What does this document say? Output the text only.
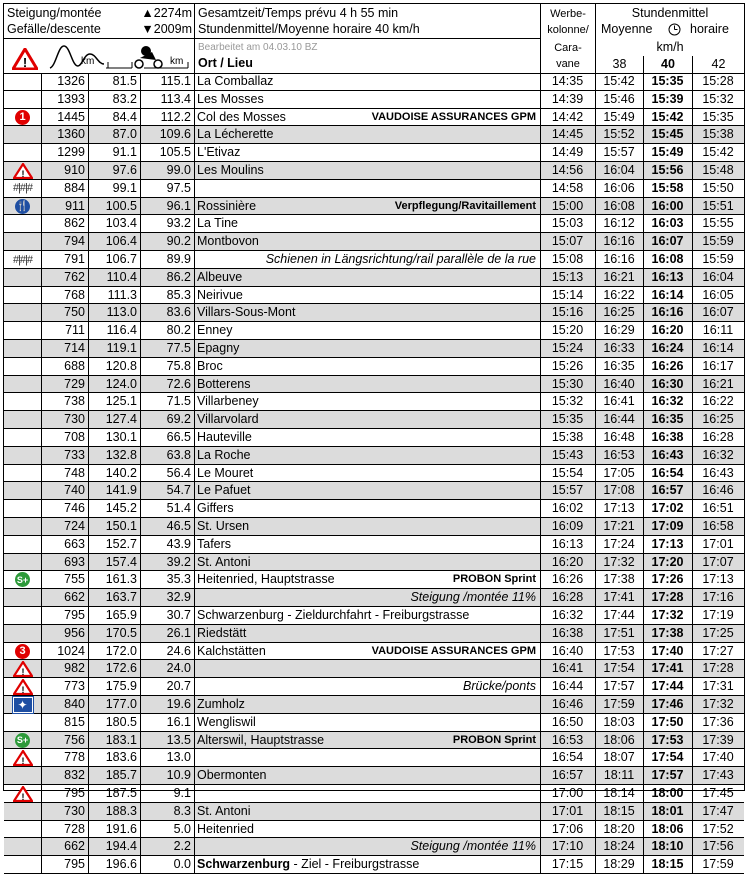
Steigung/montée
Gefälle/descente
▲2274m
▼2009m
!	km	km
Gesamtzeit/Temps prévu 4 h 55 min
Stundenmittel/Moyenne horaire 40 km/h
Bearbeitet am 04.03.10 BZ
Ort / Lieu
Werbe-
kolonne/
Cara-
vane
Stundenmittel
Moyenne	horaire
km/h
38	40	42
1326	81.5	115.1 La Comballaz	14:35	15:42	15:35	15:28
1393	83.2	113.4 Les Mosses	14:39	15:46	15:39	15:32
1	1445	84.4	112.2 Col des Mosses	VAUDOISE ASSURANCES GPM	14:42	15:49	15:42	15:35
1360	87.0	109.6 La Lécherette	14:45	15:52	15:45	15:38
1299	91.1	105.5 L'Etivaz	14:49	15:57	15:49	15:42
!	910	97.6	99.0 Les Moulins	14:56	16:04	15:56	15:48
#|#|#	884	99.1	97.5	14:58	16:06	15:58	15:50
🍴	911	100.5	96.1 Rossinière	Verpflegung/Ravitaillement	15:00	16:08	16:00	15:51
862	103.4	93.2 La Tine	15:03	16:12	16:03	15:55
794	106.4	90.2 Montbovon	15:07	16:16	16:07	15:59
#|#|#	791	106.7	89.9	Schienen in Längsrichtung/rail parallèle de la rue	15:08	16:16	16:08	15:59
762	110.4	86.2 Albeuve	15:13	16:21	16:13	16:04
768	111.3	85.3 Neirivue	15:14	16:22	16:14	16:05
750	113.0	83.6 Villars-Sous-Mont	15:16	16:25	16:16	16:07
711	116.4	80.2 Enney	15:20	16:29	16:20	16:11
714	119.1	77.5 Epagny	15:24	16:33	16:24	16:14
688	120.8	75.8 Broc	15:26	16:35	16:26	16:17
729	124.0	72.6 Botterens	15:30	16:40	16:30	16:21
738	125.1	71.5 Villarbeney	15:32	16:41	16:32	16:22
730	127.4	69.2 Villarvolard	15:35	16:44	16:35	16:25
708	130.1	66.5 Hauteville	15:38	16:48	16:38	16:28
733	132.8	63.8 La Roche	15:43	16:53	16:43	16:32
748	140.2	56.4 Le Mouret	15:54	17:05	16:54	16:43
740	141.9	54.7 Le Pafuet	15:57	17:08	16:57	16:46
746	145.2	51.4 Giffers	16:02	17:13	17:02	16:51
724	150.1	46.5 St. Ursen	16:09	17:21	17:09	16:58
663	152.7	43.9 Tafers	16:13	17:24	17:13	17:01
693	157.4	39.2 St. Antoni	16:20	17:32	17:20	17:07
S+	755	161.3	35.3 Heitenried, Hauptstrasse	PROBON Sprint	16:26	17:38	17:26	17:13
662	163.7	32.9	Steigung /montée 11%	16:28	17:41	17:28	17:16
795	165.9	30.7 Schwarzenburg - Zieldurchfahrt - Freiburgstrasse	16:32	17:44	17:32	17:19
956	170.5	26.1 Riedstätt	16:38	17:51	17:38	17:25
3	1024	172.0	24.6 Kalchstätten	VAUDOISE ASSURANCES GPM	16:40	17:53	17:40	17:27
!	982	172.6	24.0	16:41	17:54	17:41	17:28
!	773	175.9	20.7	Brücke/ponts	16:44	17:57	17:44	17:31
✦	840	177.0	19.6 Zumholz	16:46	17:59	17:46	17:32
815	180.5	16.1 Wengliswil	16:50	18:03	17:50	17:36
S+	756	183.1	13.5 Alterswil, Hauptstrasse	PROBON Sprint	16:53	18:06	17:53	17:39
!	778	183.6	13.0	16:54	18:07	17:54	17:40
832	185.7	10.9 Obermonten	16:57	18:11	17:57	17:43
!	795	187.5	9.1	17:00	18:14	18:00	17:45
730	188.3	8.3 St. Antoni	17:01	18:15	18:01	17:47
728	191.6	5.0 Heitenried	17:06	18:20	18:06	17:52
662	194.4	2.2	Steigung /montée 11%	17:10	18:24	18:10	17:56
795	196.6	0.0 Schwarzenburg - Ziel - Freiburgstrasse	17:15	18:29	18:15	17:59
